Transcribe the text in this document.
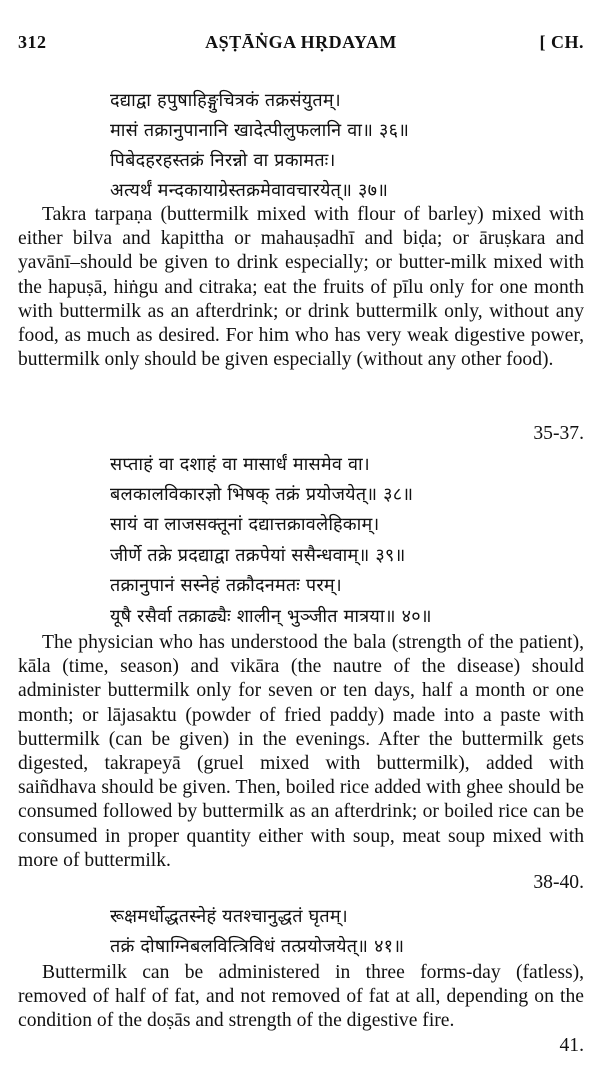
312	AṢṬĀṄGA HṚDAYAM	[ CH.
दद्याद्वा हपुषाहिङ्गुचित्रकं तक्रसंयुतम्।
मासं तक्रानुपानानि खादेत्पीलुफलानि वा॥ ३६॥
पिबेदहरहस्तक्रं निरन्नो वा प्रकामतः।
अत्यर्थं मन्दकायाग्रेस्तक्रमेवावचारयेत्॥ ३७॥

Takra tarpaṇa (buttermilk mixed with flour of barley) mixed with either bilva and kapittha or mahauṣadhī and biḍa; or āruṣkara and yavānī–should be given to drink especially; or butter-milk mixed with the hapuṣā, hiṅgu and citraka; eat the fruits of pīlu only for one month with buttermilk as an afterdrink; or drink buttermilk only, without any food, as much as desired. For him who has very weak digestive power, buttermilk only should be given especially (without any other food).

35-37.
सप्ताहं वा दशाहं वा मासार्धं मासमेव वा।
बलकालविकारज्ञो भिषक् तक्रं प्रयोजयेत्॥ ३८॥
सायं वा लाजसक्तूनां दद्यात्तक्रावलेहिकाम्।
जीर्णे तक्रे प्रदद्याद्वा तक्रपेयां ससैन्धवाम्॥ ३९॥
तक्रानुपानं सस्नेहं तक्रौदनमतः परम्।
यूषै रसैर्वा तक्राढ्यैः शालीन् भुञ्जीत मात्रया॥ ४०॥

The physician who has understood the bala (strength of the patient), kāla (time, season) and vikāra (the nautre of the disease) should administer buttermilk only for seven or ten days, half a month or one month; or lājasaktu (powder of fried paddy) made into a paste with buttermilk (can be given) in the evenings. After the buttermilk gets digested, takrapeyā (gruel mixed with buttermilk), added with saiñdhava should be given. Then, boiled rice added with ghee should be consumed followed by buttermilk as an afterdrink; or boiled rice can be consumed in proper quantity either with soup, meat soup mixed with more of buttermilk.

38-40.
रूक्षमर्धोद्धतस्नेहं यतश्चानुद्धतं घृतम्।
तक्रं दोषाग्निबलवित्त्रिविधं तत्प्रयोजयेत्॥ ४१॥

Buttermilk can be administered in three forms-day (fatless), removed of half of fat, and not removed of fat at all, depending on the condition of the doṣās and strength of the digestive fire.

41.
